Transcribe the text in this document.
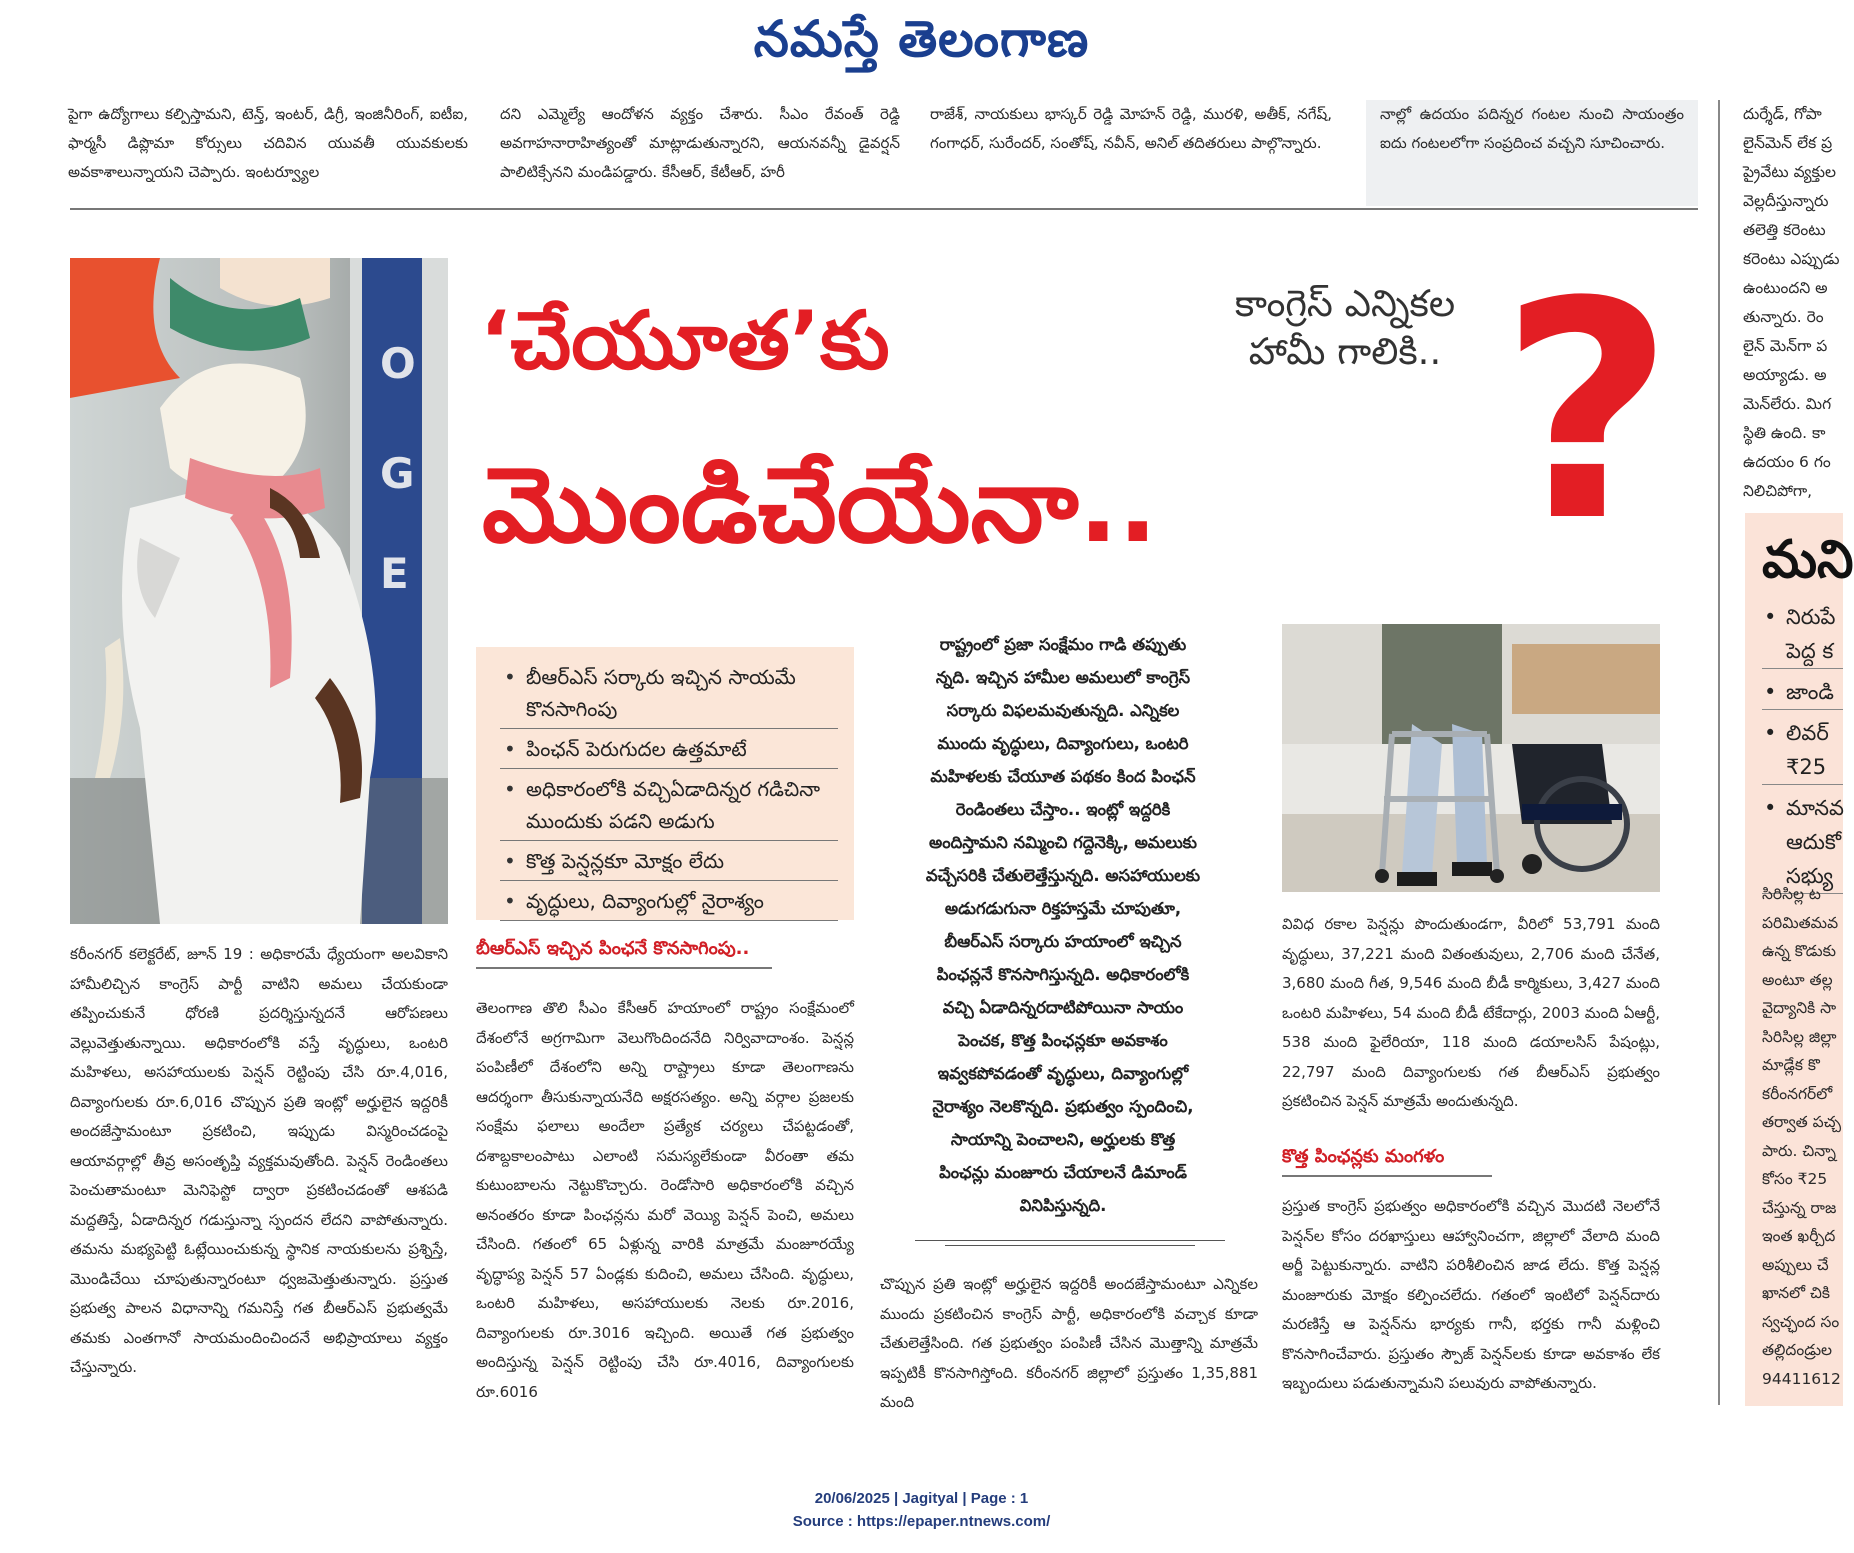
నమస్తే తెలంగాణ

పైగా ఉద్యోగాలు కల్పిస్తామని, టెన్త్, ఇంటర్, డిగ్రీ, ఇంజినీరింగ్, ఐటీఐ, ఫార్మసీ డిప్లొమా కోర్సులు చదివిన యువతీ యువకులకు అవకాశాలున్నాయని చెప్పారు. ఇంటర్వ్యూల

దని ఎమ్మెల్యే ఆందోళన వ్యక్తం చేశారు. సీఎం రేవంత్ రెడ్డి అవగాహనారాహిత్యంతో మాట్లాడుతున్నారని, ఆయనవన్నీ డైవర్షన్ పాలిటిక్సేనని మండిపడ్డారు. కేసీఆర్, కేటీఆర్, హరీ

రాజేశ్, నాయకులు భాస్కర్ రెడ్డి మోహన్ రెడ్డి, మురళి, అతీక్, నగేష్, గంగాధర్, సురేందర్, సంతోష్, నవీన్, అనిల్ తదితరులు పాల్గొన్నారు.

నాల్లో ఉదయం పదిన్నర గంటల నుంచి సాయంత్రం ఐదు గంటలలోగా సంప్రదించ వచ్చని సూచించారు.

దుర్శేడ్, గోపా
లైన్‌మెన్ లేక ప్ర
ప్రైవేటు వ్యక్తుల
వెల్లదీస్తున్నారు
తలెత్తి కరెంటు
కరెంటు ఎప్పుడు
ఉంటుందని అ
తున్నారు. రెం
లైన్ మెన్‌గా ప
అయ్యాడు. అ
మెన్‌లేరు. మిగ
స్థితి ఉంది. కా
ఉదయం 6 గం
నిలిచిపోగా,
O
G
E
కాంగ్రెస్ ఎన్నికల
హామీ గాలికి..
‘చేయూత’కు
మొండిచేయేనా.. ?
• బీఆర్‌ఎస్ సర్కారు ఇచ్చిన సాయమే కొనసాగింపు
• పింఛన్ పెరుగుదల ఉత్తమాటే
• అధికారంలోకి వచ్చిఏడాదిన్నర గడిచినా ముందుకు పడని అడుగు
• కొత్త పెన్షన్లకూ మోక్షం లేదు
• వృద్ధులు, దివ్యాంగుల్లో నైరాశ్యం
బీఆర్‌ఎస్ ఇచ్చిన పింఛనే కొనసాగింపు..

కరీంనగర్ కలెక్టరేట్, జూన్ 19 : అధికారమే ధ్యేయంగా అలవికాని హామీలిచ్చిన కాంగ్రెస్ పార్టీ వాటిని అమలు చేయకుండా తప్పించుకునే ధోరణి ప్రదర్శిస్తున్నదనే ఆరోపణలు వెల్లువెత్తుతున్నాయి. అధికారంలోకి వస్తే వృద్ధులు, ఒంటరి మహిళలు, అసహాయులకు పెన్షన్ రెట్టింపు చేసి రూ.4,016, దివ్యాంగులకు రూ.6,016 చొప్పున ప్రతి ఇంట్లో అర్హులైన ఇద్దరికీ అందజేస్తామంటూ ప్రకటించి, ఇప్పుడు విస్మరించడంపై ఆయావర్గాల్లో తీవ్ర అసంతృప్తి వ్యక్తమవుతోంది. పెన్షన్ రెండింతలు పెంచుతామంటూ మెనిఫెస్టో ద్వారా ప్రకటించడంతో ఆశపడి మద్దతిస్తే, ఏడాదిన్నర గడుస్తున్నా స్పందన లేదని వాపోతున్నారు. తమను మభ్యపెట్టి ఓట్లేయించుకున్న స్థానిక నాయకులను ప్రశ్నిస్తే, మొండిచేయి చూపుతున్నారంటూ ధ్వజమెత్తుతున్నారు. ప్రస్తుత ప్రభుత్వ పాలన విధానాన్ని గమనిస్తే గత బీఆర్‌ఎస్ ప్రభుత్వమే తమకు ఎంతగానో సాయమందించిందనే అభిప్రాయాలు వ్యక్తం చేస్తున్నారు.

తెలంగాణ తొలి సీఎం కేసీఆర్ హయాంలో రాష్ట్రం సంక్షేమంలో దేశంలోనే అగ్రగామిగా వెలుగొందిందనేది నిర్వివాదాంశం. పెన్షన్ల పంపిణీలో దేశంలోని అన్ని రాష్ట్రాలు కూడా తెలంగాణను ఆదర్శంగా తీసుకున్నాయనేది అక్షరసత్యం. అన్ని వర్గాల ప్రజలకు సంక్షేమ ఫలాలు అందేలా ప్రత్యేక చర్యలు చేపట్టడంతో, దశాబ్దకాలంపాటు ఎలాంటి సమస్యలేకుండా వీరంతా తమ కుటుంబాలను నెట్టుకొచ్చారు. రెండోసారి అధికారంలోకి వచ్చిన అనంతరం కూడా పింఛన్లను మరో వెయ్యి పెన్షన్ పెంచి, అమలు చేసింది. గతంలో 65 ఏళ్లున్న వారికి మాత్రమే మంజూరయ్యే వృద్ధాప్య పెన్షన్ 57 ఏండ్లకు కుదించి, అమలు చేసింది. వృద్ధులు, ఒంటరి మహిళలు, అసహాయులకు నెలకు రూ.2016, దివ్యాంగులకు రూ.3016 ఇచ్చింది. అయితే గత ప్రభుత్వం అందిస్తున్న పెన్షన్ రెట్టింపు చేసి రూ.4016, దివ్యాంగులకు రూ.6016

రాష్ట్రంలో ప్రజా సంక్షేమం గాడి తప్పుతు
న్నది. ఇచ్చిన హామీల అమలులో కాంగ్రెస్
సర్కారు విఫలమవుతున్నది. ఎన్నికల
ముందు వృద్ధులు, దివ్యాంగులు, ఒంటరి
మహిళలకు చేయూత పథకం కింద పింఛన్
రెండింతలు చేస్తాం.. ఇంట్లో ఇద్దరికి
అందిస్తామని నమ్మించి గద్దెనెక్కి, అమలుకు
వచ్చేసరికి చేతులెత్తేస్తున్నది. అసహాయులకు
అడుగడుగునా రిక్తహస్తమే చూపుతూ,
బీఆర్‌ఎస్ సర్కారు హయాంలో ఇచ్చిన
పింఛన్లనే కొనసాగిస్తున్నది. అధికారంలోకి
వచ్చి ఏడాదిన్నరదాటిపోయినా సాయం
పెంచక, కొత్త పింఛన్లకూ అవకాశం
ఇవ్వకపోవడంతో వృద్ధులు, దివ్యాంగుల్లో
నైరాశ్యం నెలకొన్నది. ప్రభుత్వం స్పందించి,
సాయాన్ని పెంచాలని, అర్హులకు కొత్త
పింఛన్లు మంజూరు చేయాలనే డిమాండ్
వినిపిస్తున్నది.

చొప్పున ప్రతి ఇంట్లో అర్హులైన ఇద్దరికీ అందజేస్తామంటూ ఎన్నికల ముందు ప్రకటించిన కాంగ్రెస్ పార్టీ, అధికారంలోకి వచ్చాక కూడా చేతులెత్తేసింది. గత ప్రభుత్వం పంపిణీ చేసిన మొత్తాన్ని మాత్రమే ఇప్పటికీ కొనసాగిస్తోంది. కరీంనగర్ జిల్లాలో ప్రస్తుతం 1,35,881 మంది

వివిధ రకాల పెన్షన్లు పొందుతుండగా, వీరిలో 53,791 మంది వృద్ధులు, 37,221 మంది వితంతువులు, 2,706 మంది చేనేత, 3,680 మంది గీత, 9,546 మంది బీడీ కార్మికులు, 3,427 మంది ఒంటరి మహిళలు, 54 మంది బీడీ టేకేదార్లు, 2003 మంది ఏఆర్టీ, 538 మంది ఫైలేరియా, 118 మంది డయాలసిస్ పేషంట్లు, 22,797 మంది దివ్యాంగులకు గత బీఆర్‌ఎస్ ప్రభుత్వం ప్రకటించిన పెన్షన్ మాత్రమే అందుతున్నది.

కొత్త పింఛన్లకు మంగళం

ప్రస్తుత కాంగ్రెస్ ప్రభుత్వం అధికారంలోకి వచ్చిన మొదటి నెలలోనే పెన్షన్‌ల కోసం దరఖాస్తులు ఆహ్వానించగా, జిల్లాలో వేలాది మంది అర్జీ పెట్టుకున్నారు. వాటిని పరిశీలించిన జాడ లేదు. కొత్త పెన్షన్ల మంజూరుకు మోక్షం కల్పించలేదు. గతంలో ఇంటిలో పెన్షన్‌దారు మరణిస్తే ఆ పెన్షన్‌ను భార్యకు గానీ, భర్తకు గానీ మళ్లించి కొనసాగించేవారు. ప్రస్తుతం స్పౌజ్ పెన్షన్‌లకు కూడా అవకాశం లేక ఇబ్బందులు పడుతున్నామని పలువురు వాపోతున్నారు.

మని
• నిరుపే పెద్ద క
• జాండి
• లివర్ ₹25
• మానవ ఆదుకో సభ్యు
సిరిసిల్ల ట
పరిమితమవ
ఉన్న కొడుకు
అంటూ తల్ల
వైద్యానికి సా
సిరిసిల్ల జిల్లా
మాడ్లేక కొ
కరీంనగర్‌లో
తర్వాత పచ్చ
పారు. చిన్నా
కోసం ₹25
చేస్తున్న రాజ
ఇంత ఖర్చీద
అప్పులు చే
ఖానలో చికి
స్వచ్ఛంద సం
తల్లిదండ్రుల
94411612
20/06/2025 | Jagityal | Page : 1
Source : https://epaper.ntnews.com/
